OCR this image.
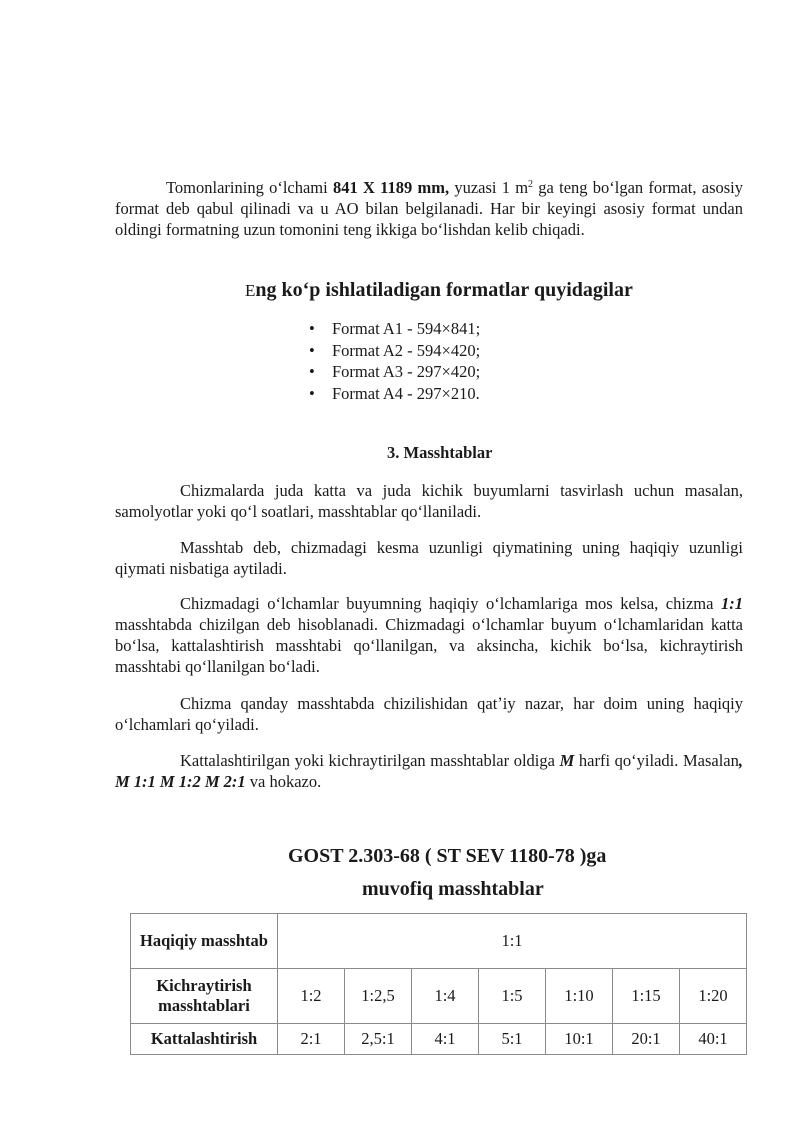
Tomonlarining oʻlchami 841 X 1189 mm, yuzasi 1 $m^2$ ga teng boʻlgan format, asosiy format deb qabul qilinadi va u AO bilan belgilanadi. Har bir keyingi asosiy format undan oldingi formatning uzun tomonini teng ikkiga boʻlishdan kelib chiqadi.

Eng koʻp ishlatiladigan formatlar quyidagilar

• Format A1 - 594×841;
• Format A2 - 594×420;
• Format A3 - 297×420;
• Format A4 - 297×210.

3. Masshtablar

Chizmalarda juda katta va juda kichik buyumlarni tasvirlash uchun masalan, samolyotlar yoki qoʻl soatlari, masshtablar qoʻllaniladi.

Masshtab deb, chizmadagi kesma uzunligi qiymatining uning haqiqiy uzunligi qiymati nisbatiga aytiladi.

Chizmadagi oʻlchamlar buyumning haqiqiy oʻlchamlariga mos kelsa, chizma 1:1 masshtabda chizilgan deb hisoblanadi. Chizmadagi oʻlchamlar buyum oʻlchamlaridan katta boʻlsa, kattalashtirish masshtabi qoʻllanilgan, va aksincha, kichik boʻlsa, kichraytirish masshtabi qoʻllanilgan boʻladi.

Chizma qanday masshtabda chizilishidan qatʼiy nazar, har doim uning haqiqiy oʻlchamlari qoʻyiladi.

Kattalashtirilgan yoki kichraytirilgan masshtablar oldiga M harfi qoʻyiladi. Masalan, M 1:1 M 1:2 M 2:1 va hokazo.

GOST 2.303-68 ( ST SEV 1180-78 )ga

muvofiq masshtablar

Haqiqiy masshtab	1:1						
Kichraytirish masshtablari	1:2	1:2,5	1:4	1:5	1:10	1:15	1:20
Kattalashtirish	2:1	2,5:1	4:1	5:1	10:1	20:1	40:1
